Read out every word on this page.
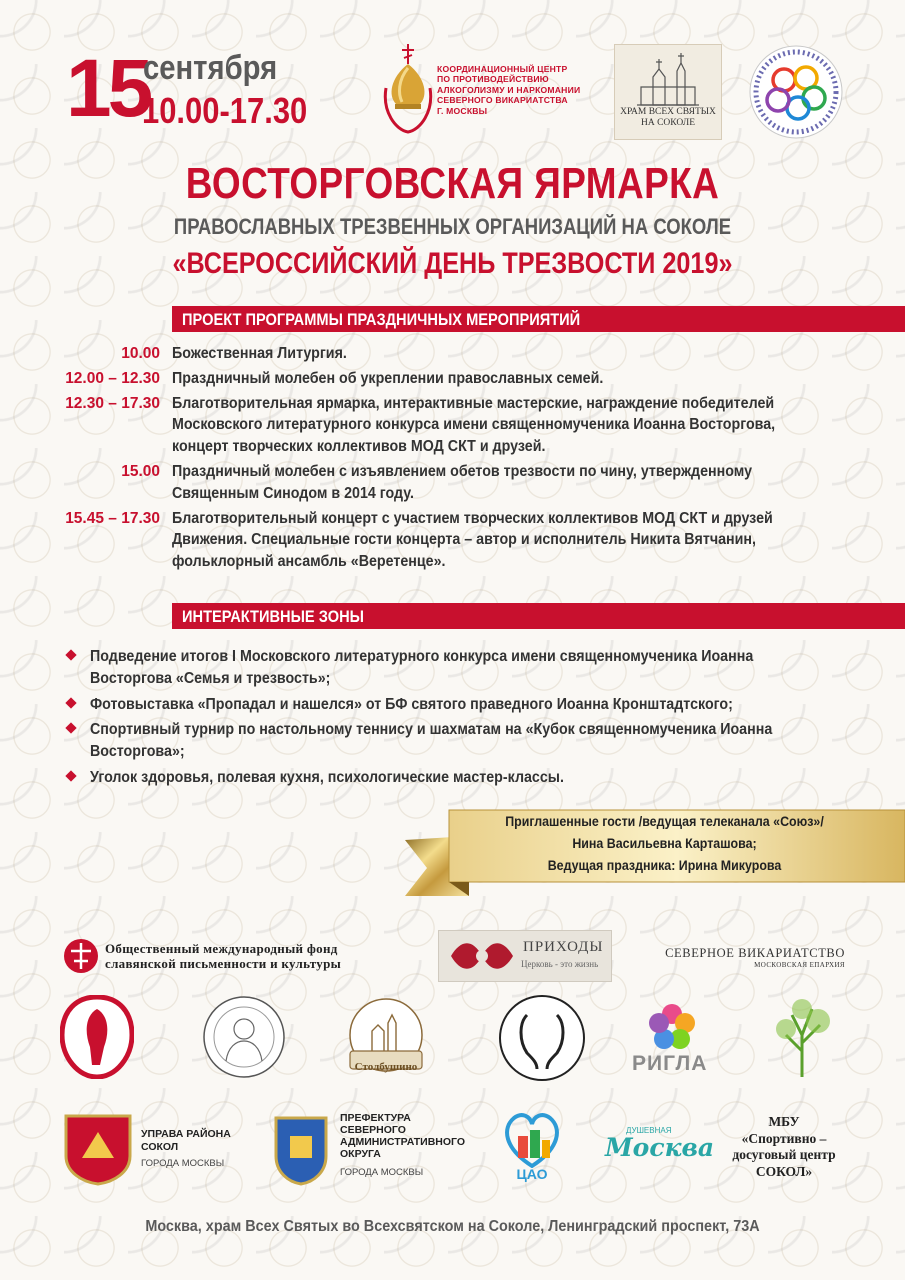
15
сентября
10.00-17.30
КООРДИНАЦИОННЫЙ ЦЕНТР
ПО ПРОТИВОДЕЙСТВИЮ
АЛКОГОЛИЗМУ И НАРКОМАНИИ
СЕВЕРНОГО ВИКАРИАТСТВА
Г. МОСКВЫ	ХРАМ ВСЕХ СВЯТЫХ
НА СОКОЛЕ
ВОСТОРГОВСКАЯ ЯРМАРКА
ПРАВОСЛАВНЫХ ТРЕЗВЕННЫХ ОРГАНИЗАЦИЙ НА СОКОЛЕ
«ВСЕРОССИЙСКИЙ ДЕНЬ ТРЕЗВОСТИ 2019»
ПРОЕКТ ПРОГРАММЫ ПРАЗДНИЧНЫХ МЕРОПРИЯТИЙ
10.00 Божественная Литургия.
12.00 – 12.30 Праздничный молебен об укреплении православных семей.
12.30 – 17.30 Благотворительная ярмарка, интерактивные мастерские, награждение победителей Московского литературного конкурса имени священномученика Иоанна Восторгова, концерт творческих коллективов МОД СКТ и друзей.
15.00 Праздничный молебен с изъявлением обетов трезвости по чину, утвержденному Священным Синодом в 2014 году.
15.45 – 17.30 Благотворительный концерт с участием творческих коллективов МОД СКТ и друзей Движения. Специальные гости концерта – автор и исполнитель Никита Вятчанин, фольклорный ансамбль «Веретенце».
ИНТЕРАКТИВНЫЕ ЗОНЫ
Подведение итогов I Московского литературного конкурса имени священномученика Иоанна Восторгова «Семья и трезвость»;
Фотовыставка «Пропадал и нашелся» от БФ святого праведного Иоанна Кронштадтского;
Спортивный турнир по настольному теннису и шахматам на «Кубок священномученика Иоанна Восторгова»;
Уголок здоровья, полевая кухня, психологические мастер-классы.
Приглашенные гости /ведущая телеканала «Союз»/
Нина Васильевна Карташова;
Ведущая праздника: Ирина Микурова
Общественный международный фонд
славянской письменности и культуры
ПРИХОДЫ
Церковь - это жизнь
СЕВЕРНОЕ ВИКАРИАТСТВО
МОСКОВСКАЯ ЕПАРХИЯ
Столбушино	РИГЛА
УПРАВА РАЙОНА
СОКОЛ
ГОРОДА МОСКВЫ
ПРЕФЕКТУРА
СЕВЕРНОГО
АДМИНИСТРАТИВНОГО
ОКРУГА
ГОРОДА МОСКВЫ	ЦАО
ДУШЕВНАЯ
Москва
МБУ
«Спортивно –
досуговый центр
СОКОЛ»
Москва, храм Всех Святых во Всехсвятском на Соколе, Ленинградский проспект, 73А
